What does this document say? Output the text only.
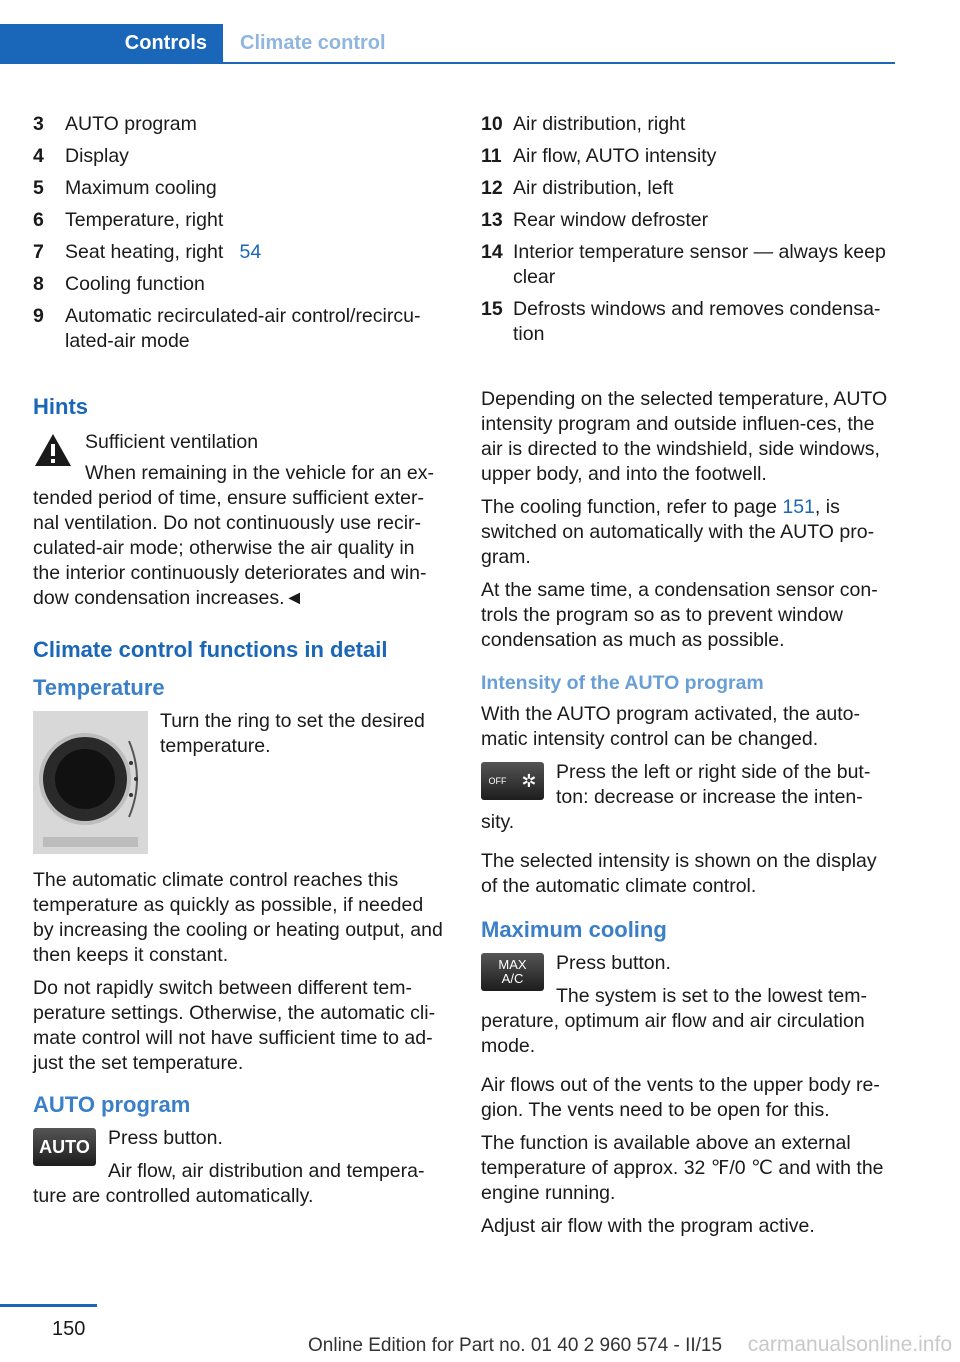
Controls	Climate control
3	AUTO program
4	Display
5	Maximum cooling
6	Temperature, right
7	Seat heating, right 54
8	Cooling function
9	Automatic recirculated-air control/recircu-lated-air mode
Hints
Sufficient ventilation
When remaining in the vehicle for an ex-tended period of time, ensure sufficient exter-nal ventilation. Do not continuously use recir-culated-air mode; otherwise the air quality in the interior continuously deteriorates and win-dow condensation increases.◄
Climate control functions in detail
Temperature
Turn the ring to set the desired temperature.

The automatic climate control reaches this temperature as quickly as possible, if needed by increasing the cooling or heating output, and then keeps it constant.

Do not rapidly switch between different tem-perature settings. Otherwise, the automatic cli-mate control will not have sufficient time to ad-just the set temperature.

AUTO program
AUTO Press button.

Air flow, air distribution and tempera-ture are controlled automatically.

10 Air distribution, right
11 Air flow, AUTO intensity
12 Air distribution, left
13 Rear window defroster
14 Interior temperature sensor — always keep clear
15 Defrosts windows and removes condensa-tion

Depending on the selected temperature, AUTO intensity program and outside influen-ces, the air is directed to the windshield, side windows, upper body, and into the footwell.

The cooling function, refer to page 151, is switched on automatically with the AUTO pro-gram.

At the same time, a condensation sensor con-trols the program so as to prevent window condensation as much as possible.

Intensity of the AUTO program

With the AUTO program activated, the auto-matic intensity control can be changed.

OFF ✲ Press the left or right side of the but-ton: decrease or increase the inten-sity.

The selected intensity is shown on the display of the automatic climate control.

Maximum cooling
MAX
A/C

Press button.

The system is set to the lowest tem-perature, optimum air flow and air circulation mode.

Air flows out of the vents to the upper body re-gion. The vents need to be open for this.

The function is available above an external temperature of approx. 32 ℉/0 ℃ and with the engine running.

Adjust air flow with the program active.

150
Online Edition for Part no. 01 40 2 960 574 - II/15 carmanualsonline.info
